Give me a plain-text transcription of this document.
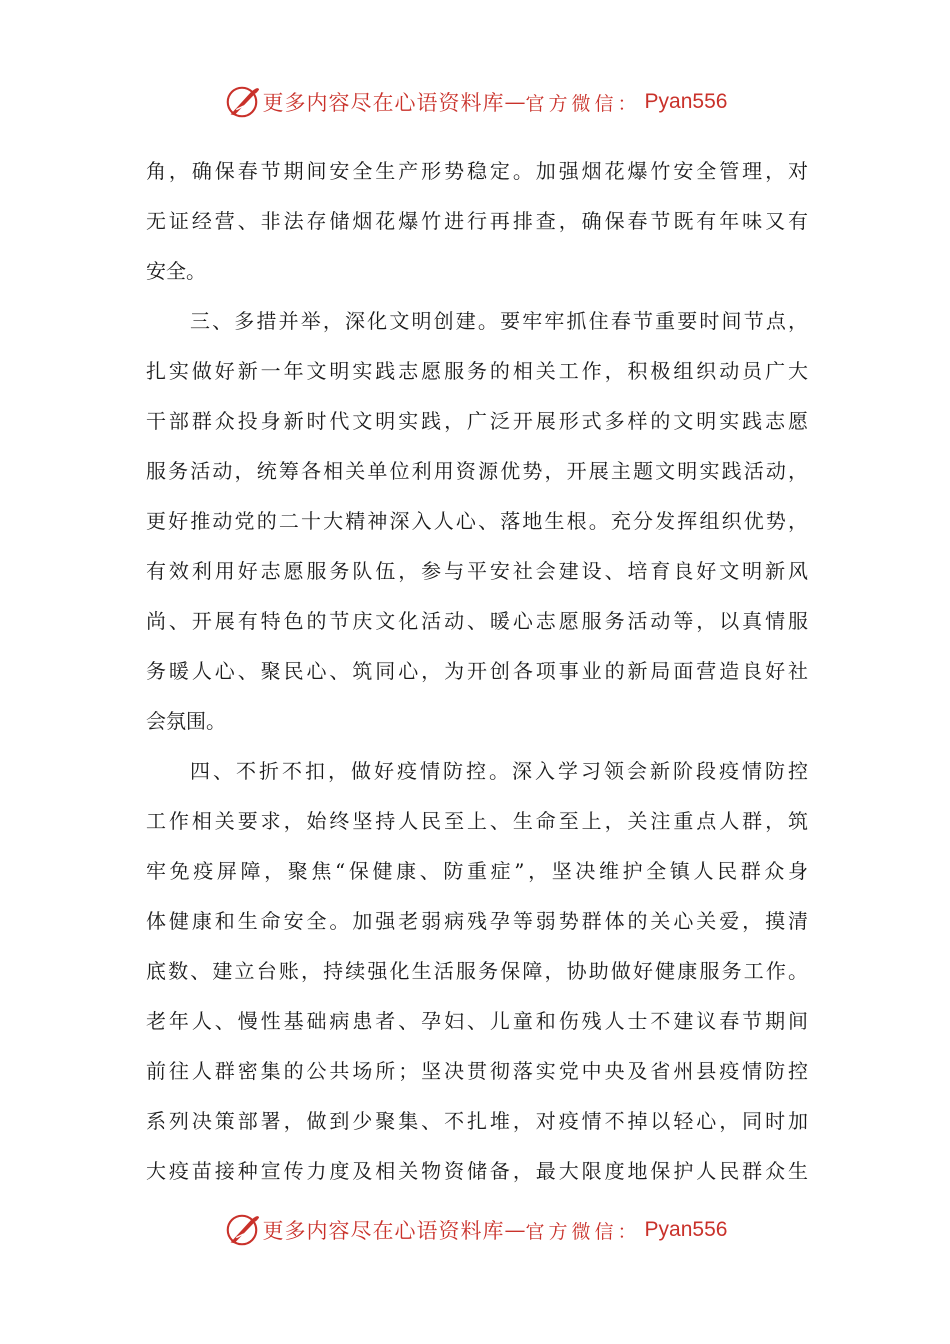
更多内容尽在心语资料库 — 官方微信： Pyan556
角，确保春节期间安全生产形势稳定。加强烟花爆竹安全管理，对
无证经营、非法存储烟花爆竹进行再排查，确保春节既有年味又有
安全。
三、多措并举，深化文明创建。要牢牢抓住春节重要时间节点，
扎实做好新一年文明实践志愿服务的相关工作，积极组织动员广大
干部群众投身新时代文明实践，广泛开展形式多样的文明实践志愿
服务活动，统筹各相关单位利用资源优势，开展主题文明实践活动，
更好推动党的二十大精神深入人心、落地生根。充分发挥组织优势，
有效利用好志愿服务队伍，参与平安社会建设、培育良好文明新风
尚、开展有特色的节庆文化活动、暖心志愿服务活动等，以真情服
务暖人心、聚民心、筑同心，为开创各项事业的新局面营造良好社
会氛围。
四、不折不扣，做好疫情防控。深入学习领会新阶段疫情防控
工作相关要求，始终坚持人民至上、生命至上，关注重点人群，筑
牢免疫屏障，聚焦“保健康、防重症”，坚决维护全镇人民群众身
体健康和生命安全。加强老弱病残孕等弱势群体的关心关爱，摸清
底数、建立台账，持续强化生活服务保障，协助做好健康服务工作。
老年人、慢性基础病患者、孕妇、儿童和伤残人士不建议春节期间
前往人群密集的公共场所；坚决贯彻落实党中央及省州县疫情防控
系列决策部署，做到少聚集、不扎堆，对疫情不掉以轻心，同时加
大疫苗接种宣传力度及相关物资储备，最大限度地保护人民群众生
更多内容尽在心语资料库 — 官方微信： Pyan556
